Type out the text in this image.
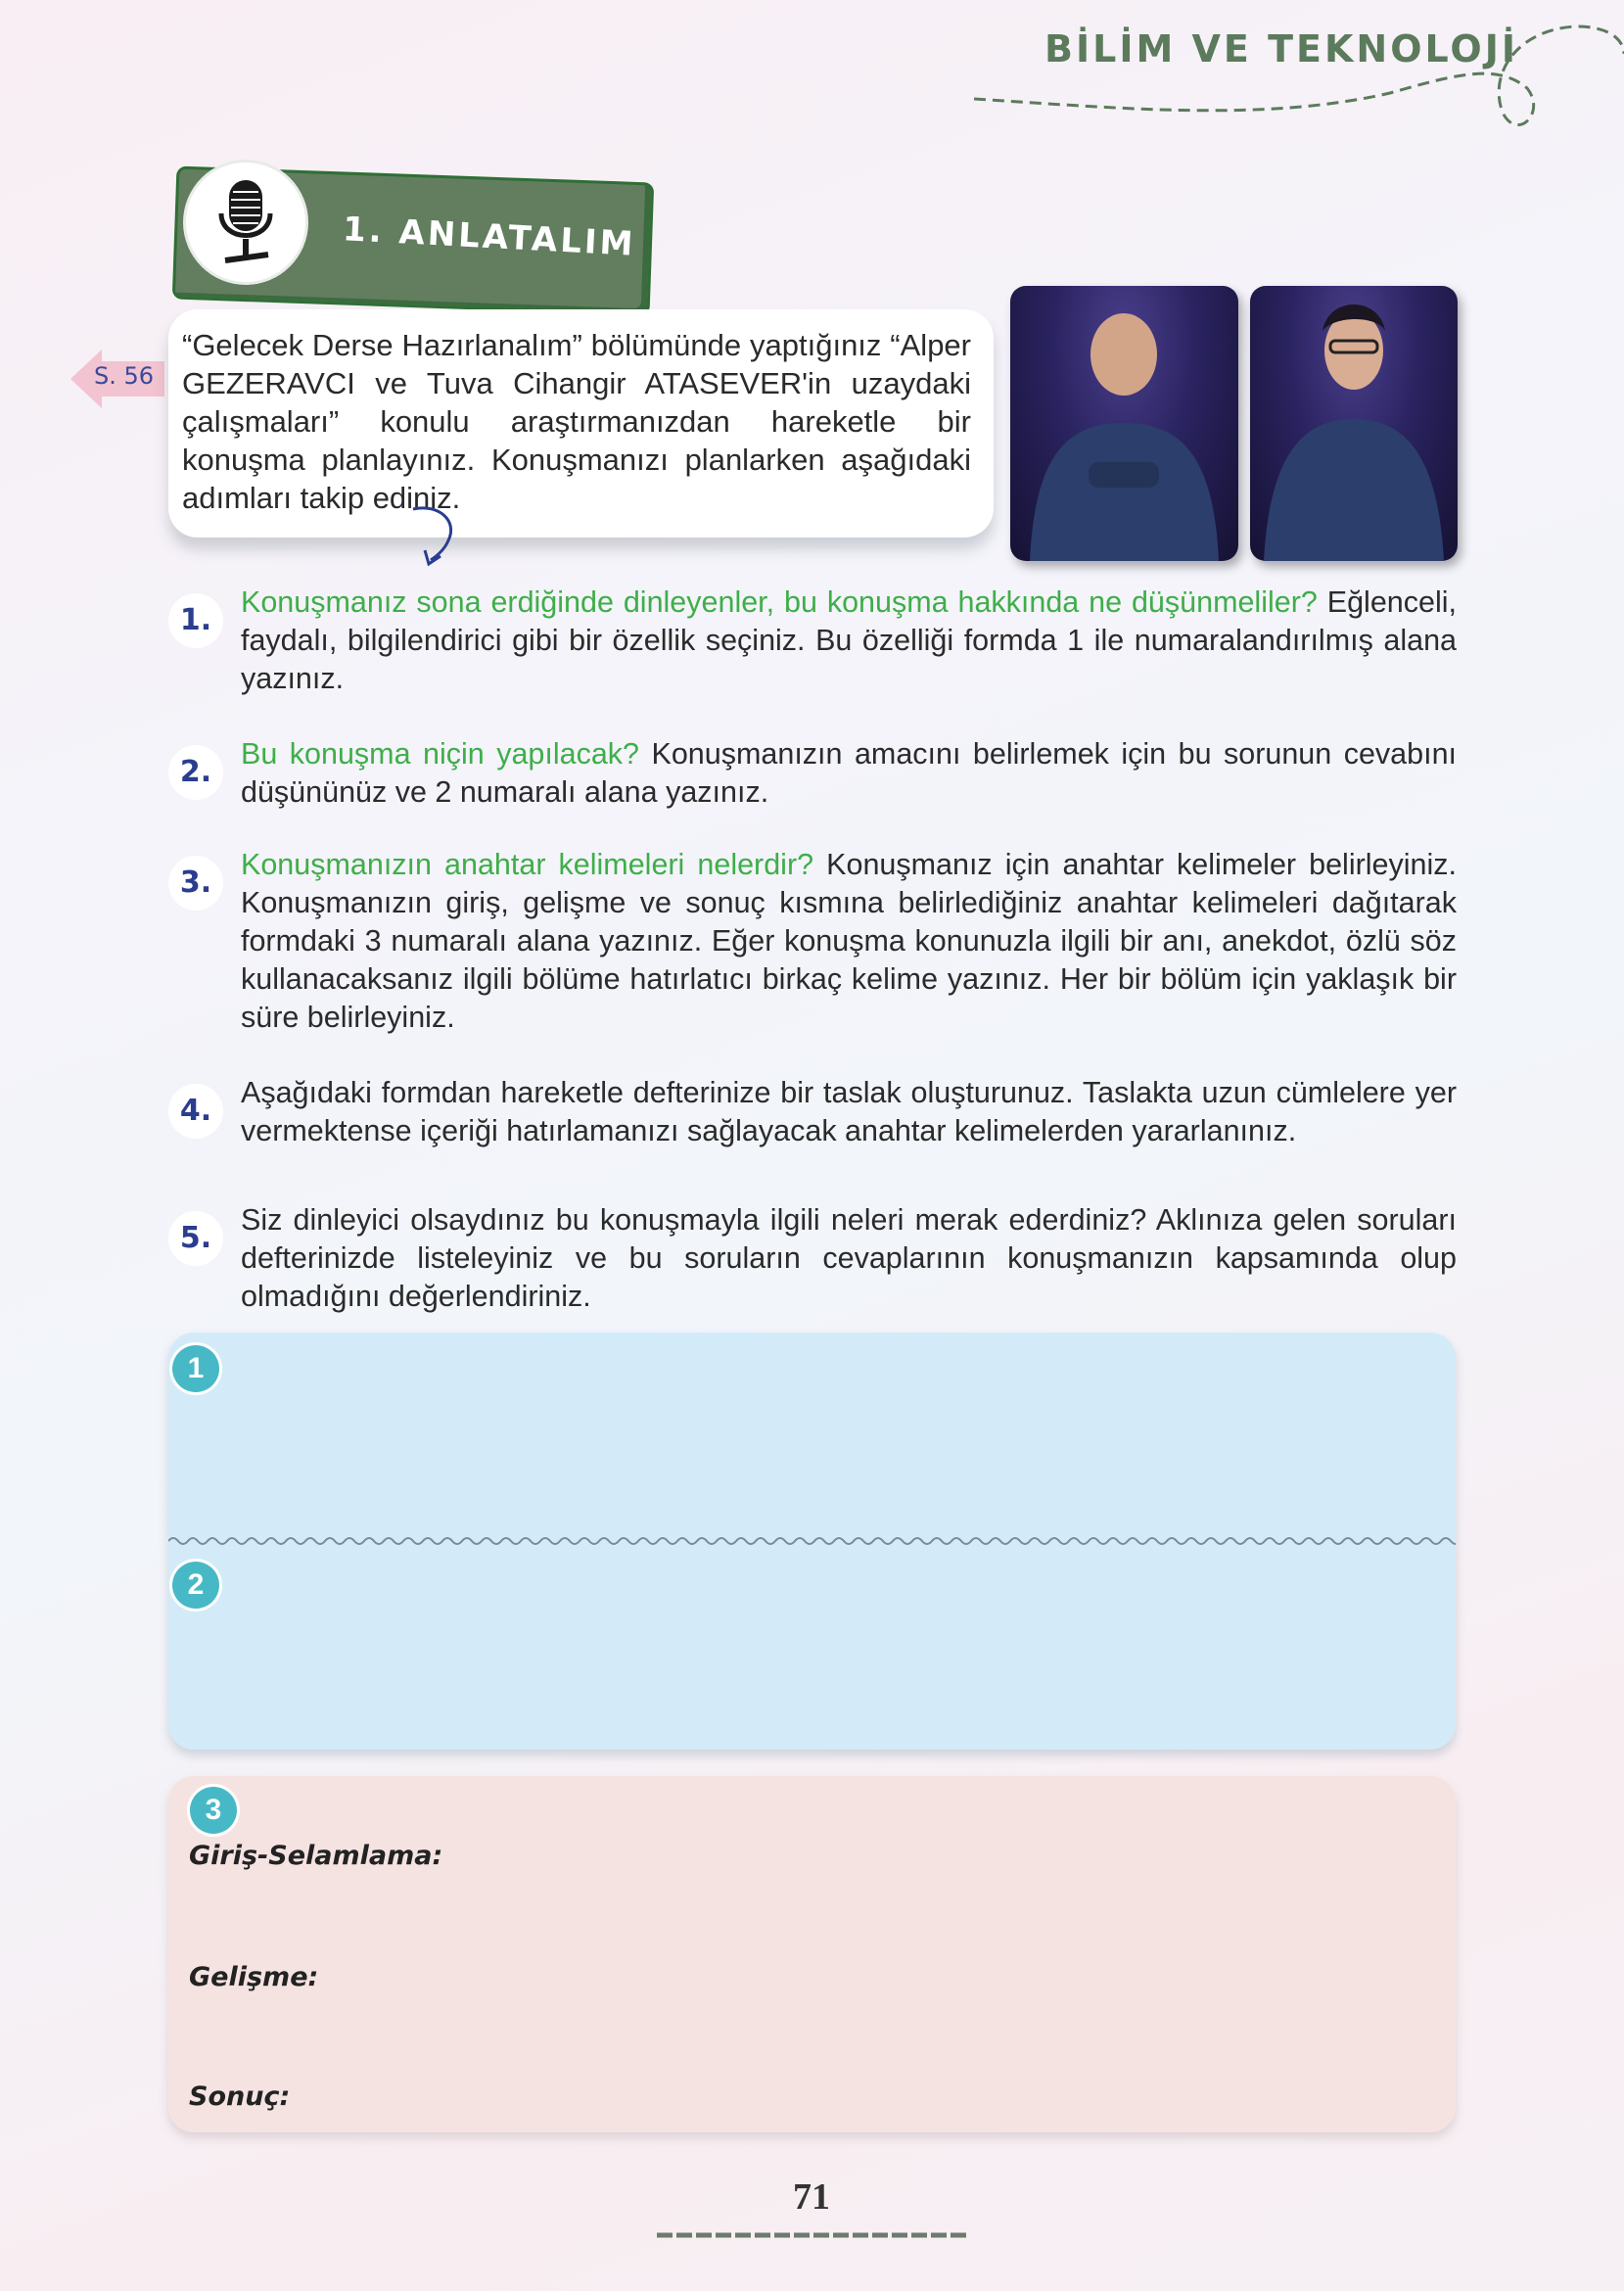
BİLİM VE TEKNOLOJİ
1. ANLATALIM
S. 56
“Gelecek Derse Hazırlanalım” bölümünde yaptığınız “Alper GEZERAVCI ve Tuva Cihangir ATASEVER'in uzaydaki çalışmaları” konulu araştırmanızdan hareketle bir konuşma planlayınız. Konuşmanızı planlarken aşağıdaki adımları takip ediniz.
1.
Konuşmanız sona erdiğinde dinleyenler, bu konuşma hakkında ne düşünmeliler? Eğlenceli, faydalı, bilgilendirici gibi bir özellik seçiniz. Bu özelliği formda 1 ile numaralandırılmış alana yazınız.
2.
Bu konuşma niçin yapılacak? Konuşmanızın amacını belirlemek için bu sorunun cevabını düşününüz ve 2 numaralı alana yazınız.
3.
Konuşmanızın anahtar kelimeleri nelerdir? Konuşmanız için anahtar kelimeler belirleyiniz. Konuşmanızın giriş, gelişme ve sonuç kısmına belirlediğiniz anahtar kelimeleri dağıtarak formdaki 3 numaralı alana yazınız. Eğer konuşma konunuzla ilgili bir anı, anekdot, özlü söz kullanacaksanız ilgili bölüme hatırlatıcı birkaç kelime yazınız. Her bir bölüm için yaklaşık bir süre belirleyiniz.
4.
Aşağıdaki formdan hareketle defterinize bir taslak oluşturunuz. Taslakta uzun cümlelere yer vermektense içeriği hatırlamanızı sağlayacak anahtar kelimelerden yararlanınız.
5.
Siz dinleyici olsaydınız bu konuşmayla ilgili neleri merak ederdiniz? Aklınıza gelen soruları defterinizde listeleyiniz ve bu soruların cevaplarının konuşmanızın kapsamında olup olmadığını değerlendiriniz.
1
2
3
Giriş-Selamlama:
Gelişme:
Sonuç:
71
